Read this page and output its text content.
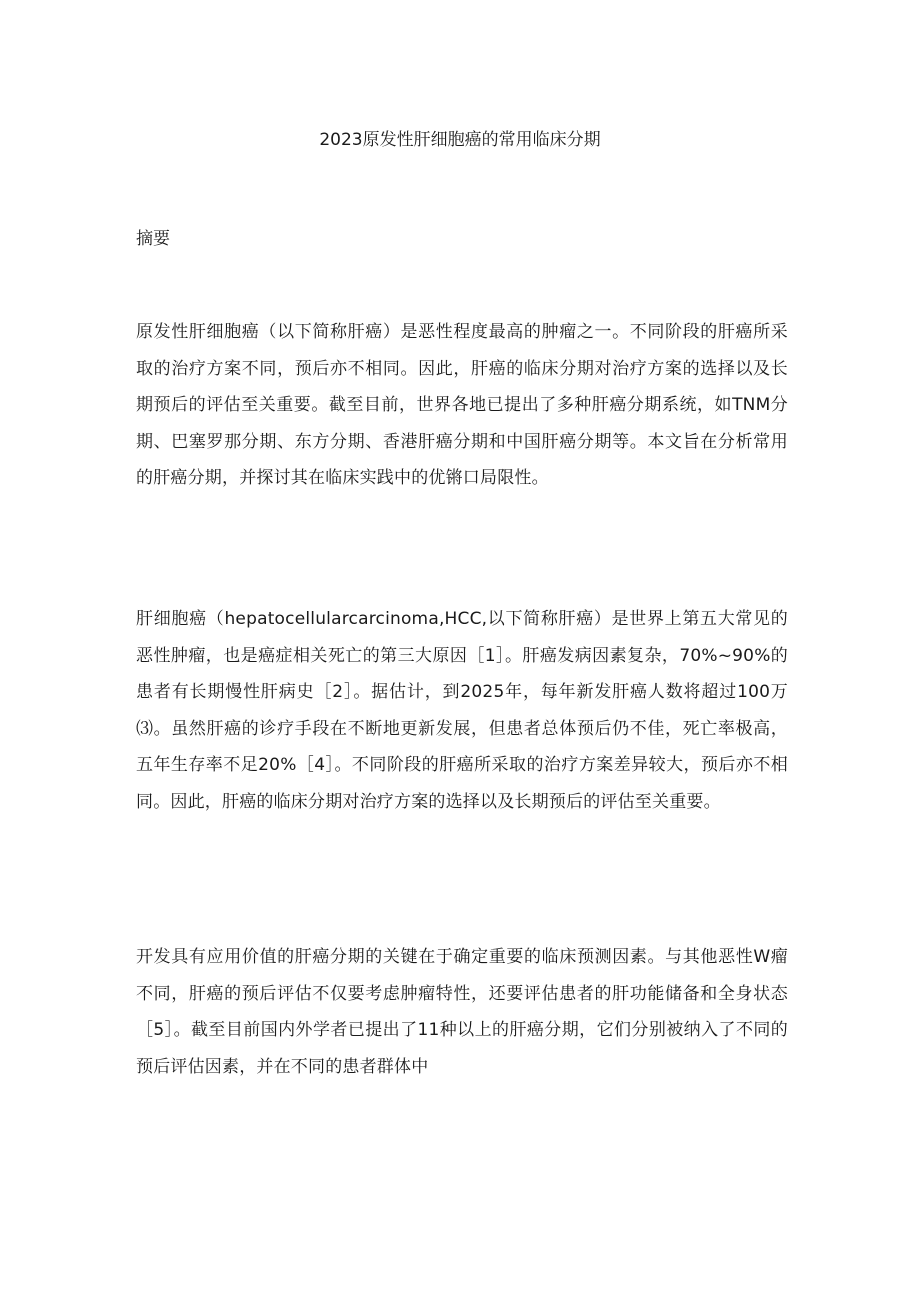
2023原发性肝细胞癌的常用临床分期
摘要

原发性肝细胞癌（以下简称肝癌）是恶性程度最高的肿瘤之一。不同阶段的肝癌所采取的治疗方案不同，预后亦不相同。因此，肝癌的临床分期对治疗方案的选择以及长期预后的评估至关重要。截至目前，世界各地已提出了多种肝癌分期系统，如TNM分期、巴塞罗那分期、东方分期、香港肝癌分期和中国肝癌分期等。本文旨在分析常用的肝癌分期，并探讨其在临床实践中的优锵口局限性。

肝细胞癌（hepatocellularcarcinoma,HCC,以下简称肝癌）是世界上第五大常见的恶性肿瘤，也是癌症相关死亡的第三大原因［1］。肝癌发病因素复杂，70%~90%的患者有长期慢性肝病史［2］。据估计，到2025年，每年新发肝癌人数将超过100万⑶。虽然肝癌的诊疗手段在不断地更新发展，但患者总体预后仍不佳，死亡率极高，五年生存率不足20%［4］。不同阶段的肝癌所采取的治疗方案差异较大，预后亦不相同。因此，肝癌的临床分期对治疗方案的选择以及长期预后的评估至关重要。

开发具有应用价值的肝癌分期的关键在于确定重要的临床预测因素。与其他恶性W瘤不同，肝癌的预后评估不仅要考虑肿瘤特性，还要评估患者的肝功能储备和全身状态［5］。截至目前国内外学者已提出了11种以上的肝癌分期，它们分别被纳入了不同的预后评估因素，并在不同的患者群体中
